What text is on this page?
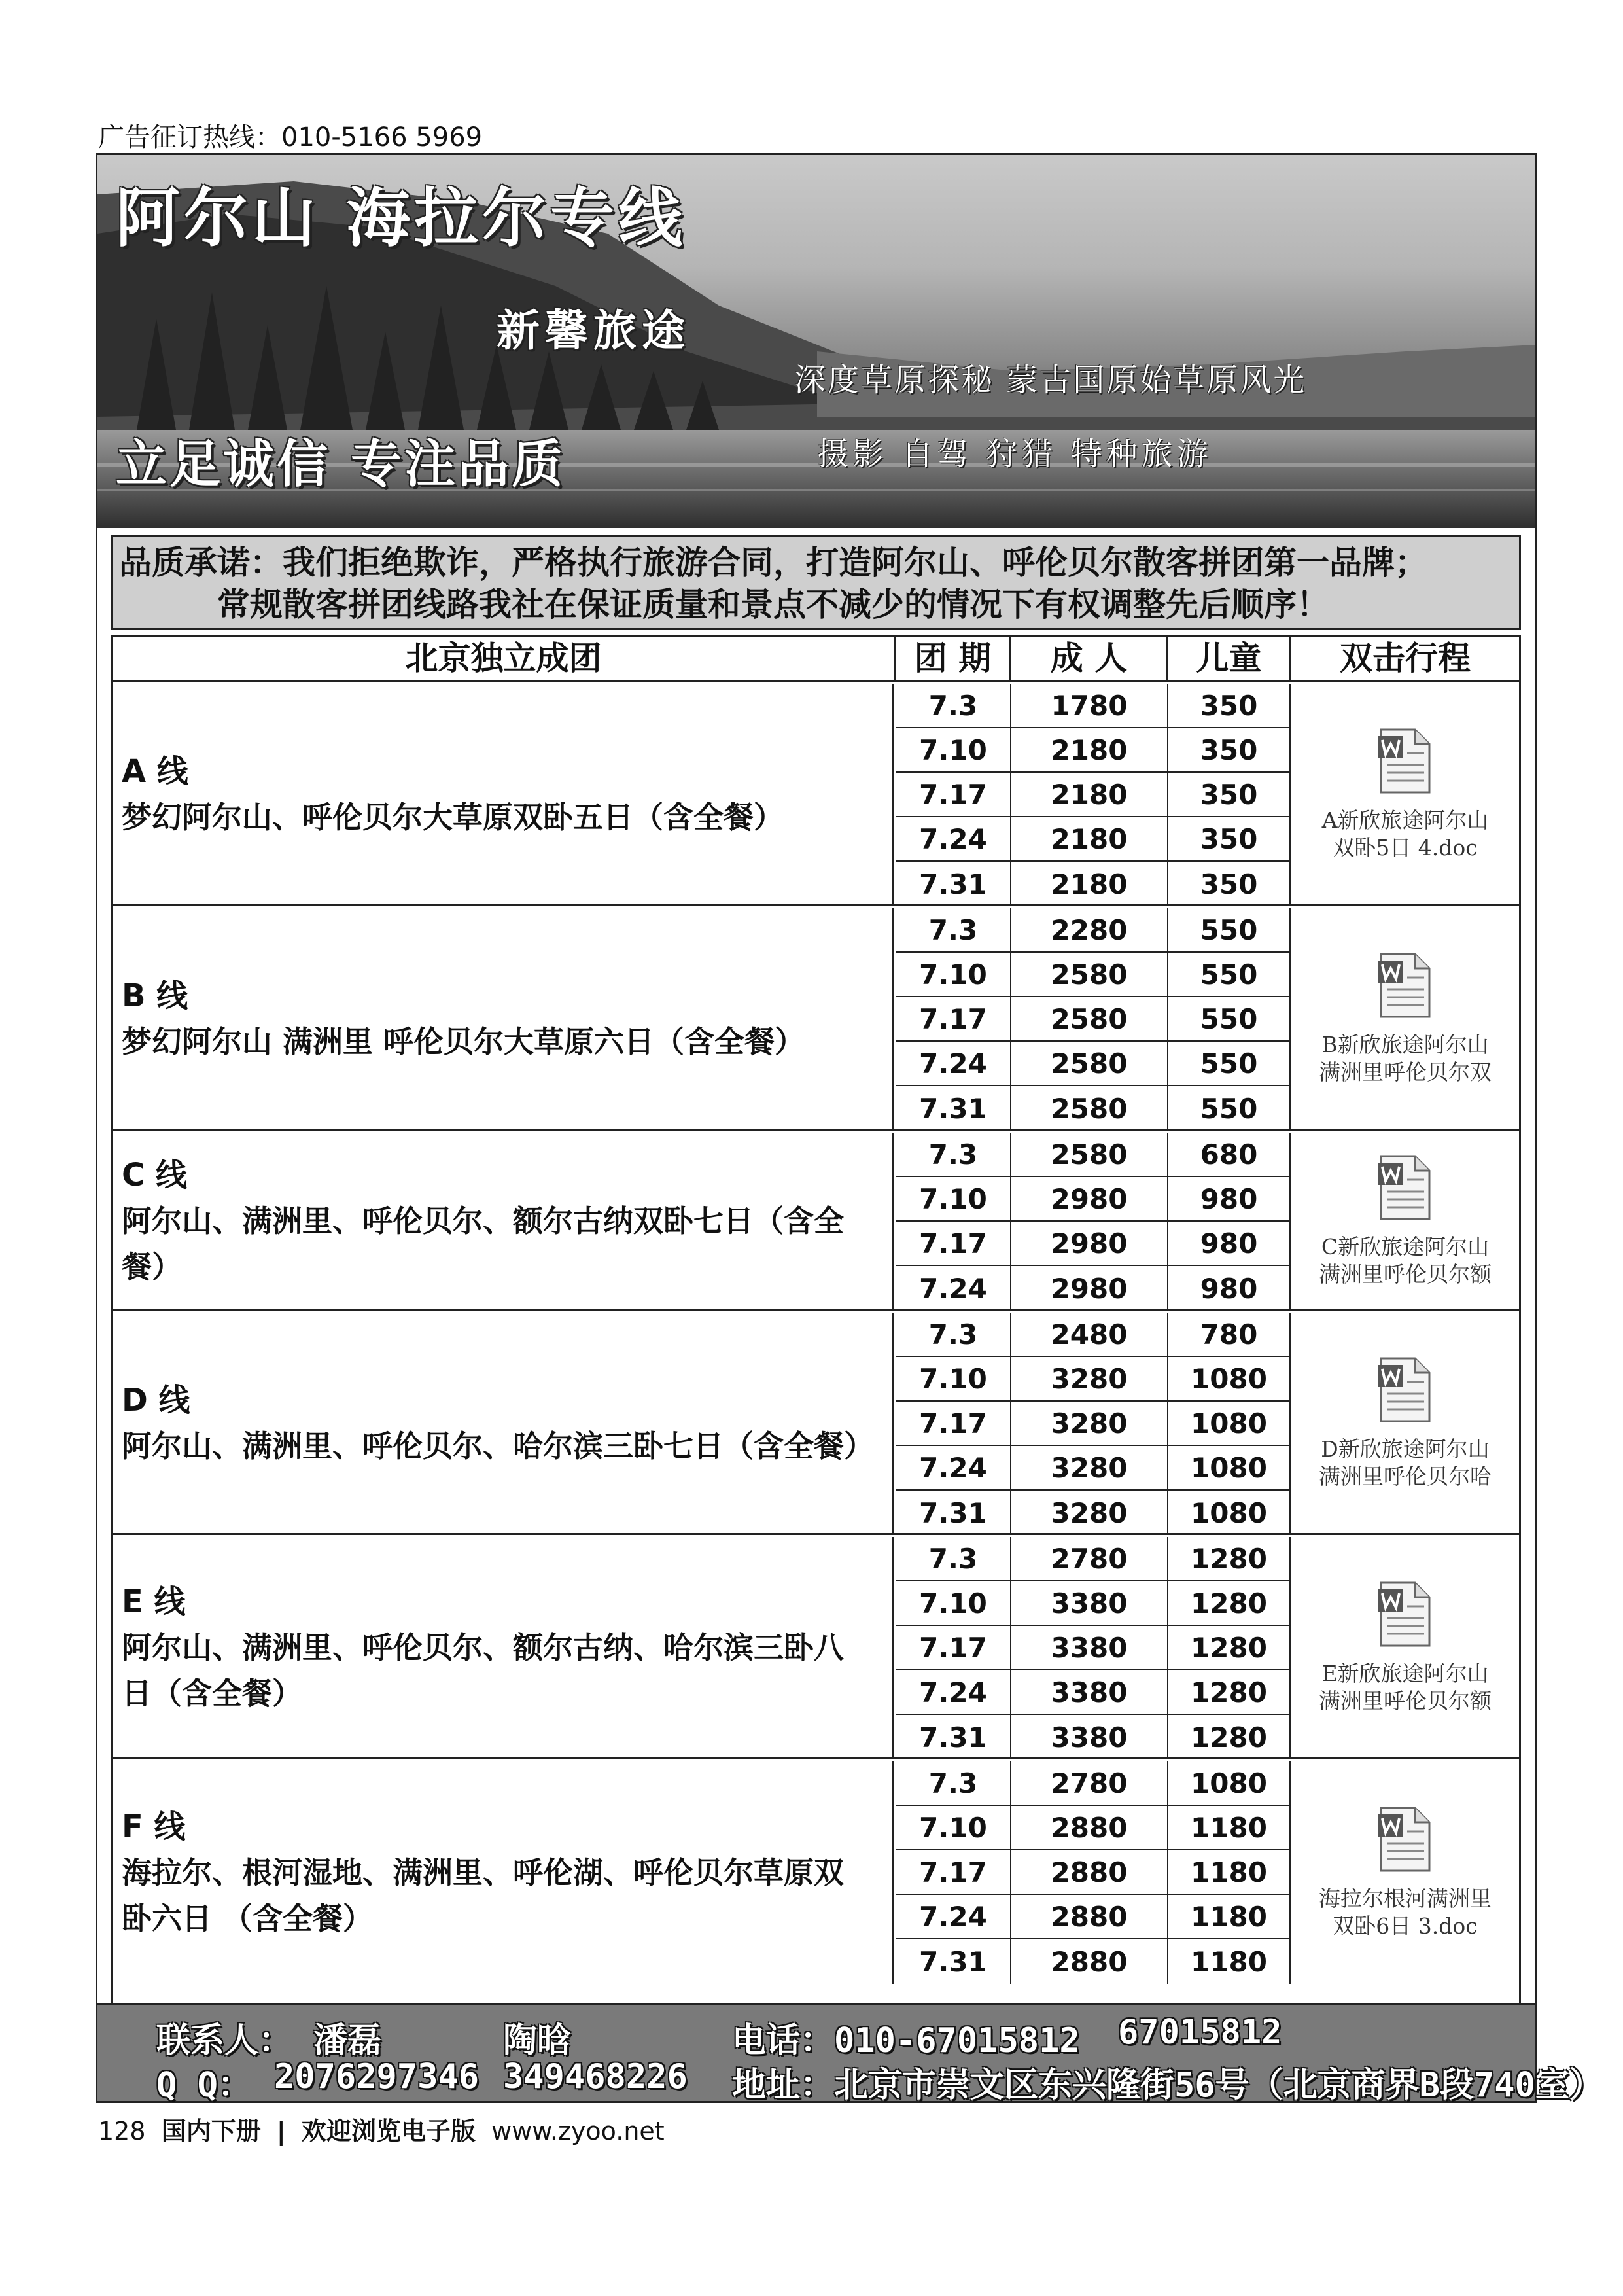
广告征订热线：010-5166 5969
阿尔山 海拉尔专线
新馨旅途
深度草原探秘 蒙古国原始草原风光
立足诚信 专注品质	摄影 自驾 狩猎 特种旅游

品质承诺：我们拒绝欺诈，严格执行旅游合同，打造阿尔山、呼伦贝尔散客拼团第一品牌；

常规散客拼团线路我社在保证质量和景点不减少的情况下有权调整先后顺序！

北京独立成团	团 期	成 人	儿童	双击行程
A 线
梦幻阿尔山、呼伦贝尔大草原双卧五日（含全餐）
7.3	1780	350
7.10	2180	350
7.17	2180	350
7.24	2180	350
7.31	2180	350
A新欣旅途阿尔山
双卧5日 4.doc
B 线
梦幻阿尔山 满洲里 呼伦贝尔大草原六日（含全餐）
7.3	2280	550
7.10	2580	550
7.17	2580	550
7.24	2580	550
7.31	2580	550
B新欣旅途阿尔山
满洲里呼伦贝尔双
C 线
阿尔山、满洲里、呼伦贝尔、额尔古纳双卧七日（含全
餐）
7.3	2580	680
7.10	2980	980
7.17	2980	980
7.24	2980	980
C新欣旅途阿尔山
满洲里呼伦贝尔额
D 线
阿尔山、满洲里、呼伦贝尔、哈尔滨三卧七日（含全餐）
7.3	2480	780
7.10	3280	1080
7.17	3280	1080
7.24	3280	1080
7.31	3280	1080
D新欣旅途阿尔山
满洲里呼伦贝尔哈
E 线
阿尔山、满洲里、呼伦贝尔、额尔古纳、哈尔滨三卧八
日（含全餐）
7.3	2780	1280
7.10	3380	1280
7.17	3380	1280
7.24	3380	1280
7.31	3380	1280
E新欣旅途阿尔山
满洲里呼伦贝尔额
F 线
海拉尔、根河湿地、满洲里、呼伦湖、呼伦贝尔草原双
卧六日 （含全餐）
7.3	2780	1080
7.10	2880	1180
7.17	2880	1180
7.24	2880	1180
7.31	2880	1180
海拉尔根河满洲里
双卧6日 3.doc
联系人： 潘磊	陶晗	电话：010-67015812 67015812
Q Q： 2076297346 349468226 地址：北京市崇文区东兴隆街56号（北京商界B段740室）
128 国内下册 | 欢迎浏览电子版 www.zyoo.net
